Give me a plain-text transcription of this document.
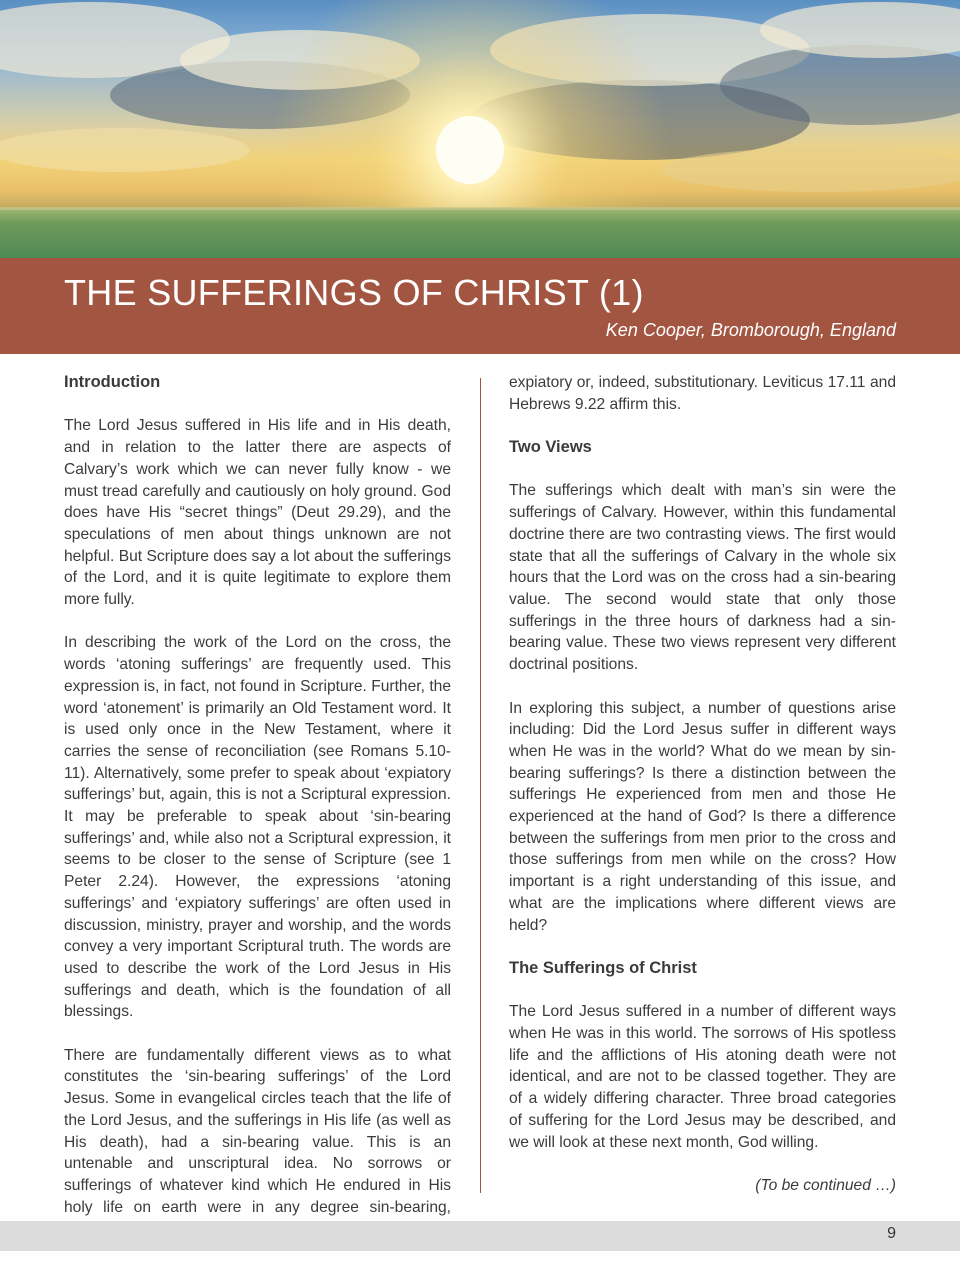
THE SUFFERINGS OF CHRIST (1)

Ken Cooper, Bromborough, England

Introduction

The Lord Jesus suffered in His life and in His death, and in relation to the latter there are aspects of Calvary’s work which we can never fully know - we must tread carefully and cautiously on holy ground. God does have His “secret things” (Deut 29.29), and the speculations of men about things unknown are not helpful. But Scripture does say a lot about the sufferings of the Lord, and it is quite legitimate to explore them more fully.

In describing the work of the Lord on the cross, the words ‘atoning sufferings’ are frequently used. This expression is, in fact, not found in Scripture. Further, the word ‘atonement’ is primarily an Old Testament word. It is used only once in the New Testament, where it carries the sense of reconciliation (see Romans 5.10-11). Alternatively, some prefer to speak about ‘expiatory sufferings’ but, again, this is not a Scriptural expression. It may be preferable to speak about ‘sin-bearing sufferings’ and, while also not a Scriptural expression, it seems to be closer to the sense of Scripture (see 1 Peter 2.24). However, the expressions ‘atoning sufferings’ and ‘expiatory sufferings’ are often used in discussion, ministry, prayer and worship, and the words convey a very important Scriptural truth. The words are used to describe the work of the Lord Jesus in His sufferings and death, which is the foundation of all blessings.

There are fundamentally different views as to what constitutes the ‘sin-bearing sufferings’ of the Lord Jesus. Some in evangelical circles teach that the life of the Lord Jesus, and the sufferings in His life (as well as His death), had a sin-bearing value. This is an untenable and unscriptural idea. No sorrows or sufferings of whatever kind which He endured in His holy life on earth were in any degree sin-bearing,

expiatory or, indeed, substitutionary. Leviticus 17.11 and Hebrews 9.22 affirm this.

Two Views

The sufferings which dealt with man’s sin were the sufferings of Calvary. However, within this fundamental doctrine there are two contrasting views. The first would state that all the sufferings of Calvary in the whole six hours that the Lord was on the cross had a sin-bearing value. The second would state that only those sufferings in the three hours of darkness had a sin-bearing value. These two views represent very different doctrinal positions.

In exploring this subject, a number of questions arise including: Did the Lord Jesus suffer in different ways when He was in the world? What do we mean by sin-bearing sufferings? Is there a distinction between the sufferings He experienced from men and those He experienced at the hand of God? Is there a difference between the sufferings from men prior to the cross and those sufferings from men while on the cross? How important is a right understanding of this issue, and what are the implications where different views are held?

The Sufferings of Christ

The Lord Jesus suffered in a number of different ways when He was in this world. The sorrows of His spotless life and the afflictions of His atoning death were not identical, and are not to be classed together. They are of a widely differing character. Three broad categories of suffering for the Lord Jesus may be described, and we will look at these next month, God willing.

(To be continued …)

9
